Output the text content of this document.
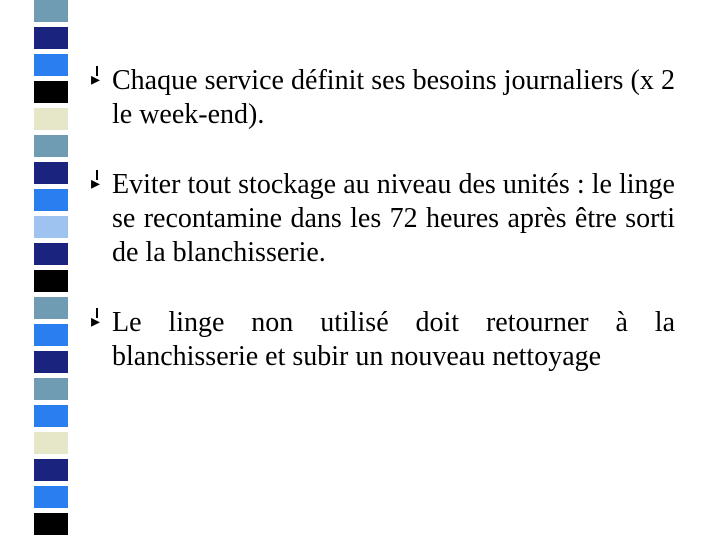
▸ Chaque service définit ses besoins journaliers (x 2 le week-end).
▸ Eviter tout stockage au niveau des unités : le linge se recontamine dans les 72 heures après être sorti de la blanchisserie.
▸ Le linge non utilisé doit retourner à la blanchisserie et subir un nouveau nettoyage
